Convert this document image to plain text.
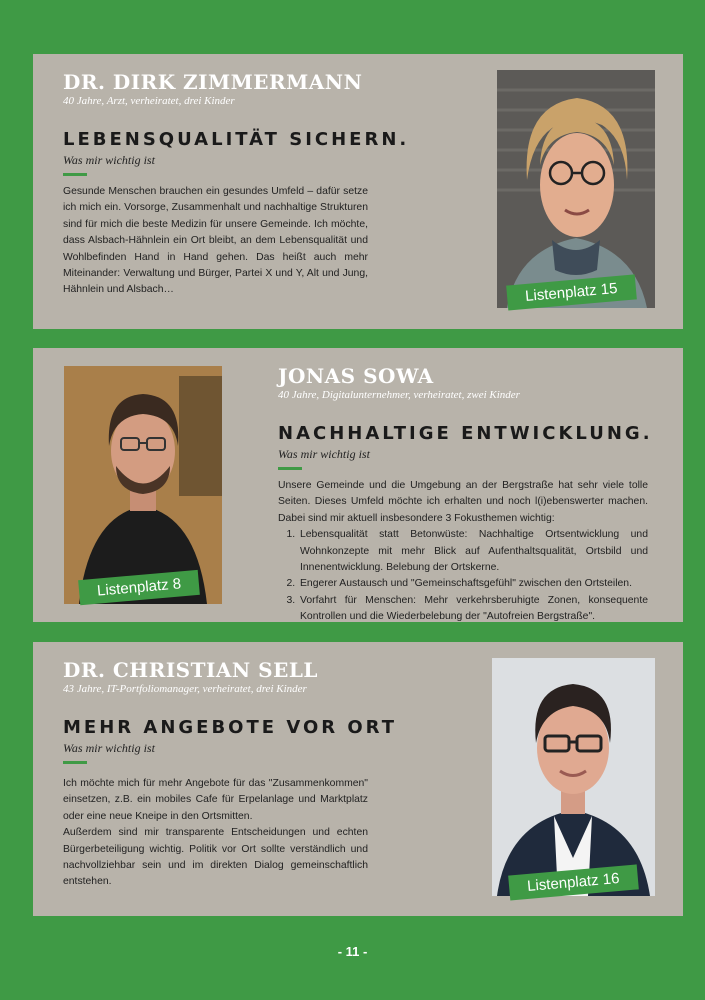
DR. DIRK ZIMMERMANN

40 Jahre, Arzt, verheiratet, drei Kinder

LEBENSQUALITÄT SICHERN.

Was mir wichtig ist

Gesunde Menschen brauchen ein gesundes Umfeld – dafür setze ich mich ein. Vorsorge, Zusammenhalt und nachhaltige Strukturen sind für mich die beste Medizin für unsere Gemeinde. Ich möchte, dass Alsbach-Hähnlein ein Ort bleibt, an dem Lebensqualität und Wohlbefinden Hand in Hand gehen. Das heißt auch mehr Miteinander: Verwaltung und Bürger, Partei X und Y, Alt und Jung, Hähnlein und Alsbach…	Listenplatz 15
Listenplatz 8
JONAS SOWA

40 Jahre, Digitalunternehmer, verheiratet, zwei Kinder

NACHHALTIGE ENTWICKLUNG.

Was mir wichtig ist

Unsere Gemeinde und die Umgebung an der Bergstraße hat sehr viele tolle Seiten. Dieses Umfeld möchte ich erhalten und noch l(i)ebenswerter machen. Dabei sind mir aktuell insbesondere 3 Fokusthemen wichtig:

1. Lebensqualität statt Betonwüste: Nachhaltige Ortsentwicklung und Wohnkonzepte mit mehr Blick auf Aufenthaltsqualität, Ortsbild und Innenentwicklung. Belebung der Ortskerne.
2. Engerer Austausch und "Gemeinschaftsgefühl" zwischen den Ortsteilen.
3. Vorfahrt für Menschen: Mehr verkehrsberuhigte Zonen, konsequente Kontrollen und die Wiederbelebung der "Autofreien Bergstraße".
DR. CHRISTIAN SELL

43 Jahre, IT-Portfoliomanager, verheiratet, drei Kinder

MEHR ANGEBOTE VOR ORT

Was mir wichtig ist

Ich möchte mich für mehr Angebote für das "Zusammenkommen" einsetzen, z.B. ein mobiles Cafe für Erpelanlage und Marktplatz oder eine neue Kneipe in den Ortsmitten.

Außerdem sind mir transparente Entscheidungen und echten Bürgerbeteiligung wichtig. Politik vor Ort sollte verständlich und nachvollziehbar sein und im direkten Dialog gemeinschaftlich entstehen.	Listenplatz 16
- 11 -
